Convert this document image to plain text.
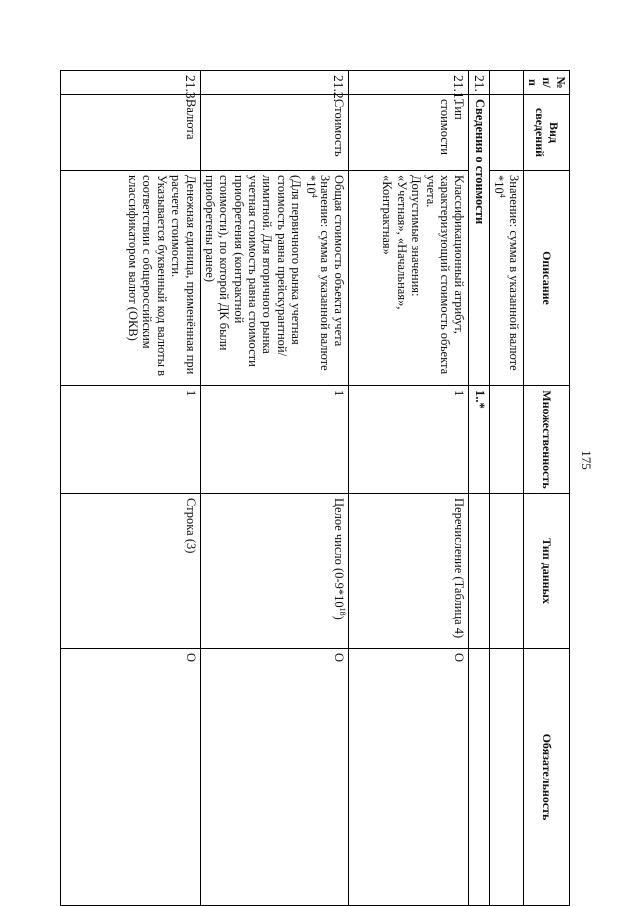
175
№ п/п	Вид сведений	Описание	Множественность	Тип данных	Обязательность
		Значение: сумма в указанной валюте $*10^4$			
21.	Сведения о стоимости		1..*		
21.1.	Тип стоимости	Классификационный атрибут, характеризующий стоимость объекта учета.
Допустимые значения:
«Учетная», «Начальная», «Контрактная»	1	Перечисление (Таблица 4)	О
21.2.	Стоимость	Общая стоимость объекта учета
Значение: сумма в указанной валюте $*10^4$
(Для первичного рынка учетная стоимость равна прейскурантной/лимитной. Для вторичного рынка учетная стоимость равна стоимости приобретения (контрактной стоимости), по которой ДК были приобретены ранее)	1	Целое число $(0-9*10^{18})$	О
21.3.	Валюта	Денежная единица, применённая при расчете стоимости.
Указывается буквенный код валюты в соответствии с общероссийским классификатором валют (ОКВ)	1	Строка (3)	О
